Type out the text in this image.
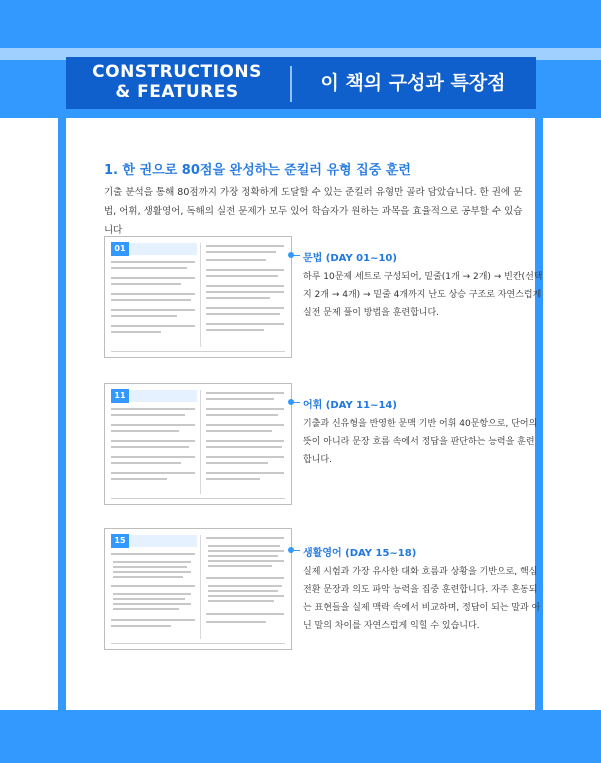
CONSTRUCTIONS
& FEATURES	이 책의 구성과 특장점
1. 한 권으로 80점을 완성하는 준킬러 유형 집중 훈련
기출 분석을 통해 80점까지 가장 정확하게 도달할 수 있는 준킬러 유형만 골라 담았습니다. 한 권에 문법, 어휘, 생활영어, 독해의 실전 문제가 모두 있어 학습자가 원하는 과목을 효율적으로 공부할 수 있습니다
01
문법 (DAY 01~10)
하루 10문제 세트로 구성되어, 밑줄(1개 → 2개) → 빈칸(선택지 2개 → 4개) → 밑줄 4개까지 난도 상승 구조로 자연스럽게 실전 문제 풀이 방법을 훈련합니다.
11
어휘 (DAY 11~14)
기출과 신유형을 반영한 문맥 기반 어휘 40문항으로, 단어의 뜻이 아니라 문장 흐름 속에서 정답을 판단하는 능력을 훈련 합니다.
15
생활영어 (DAY 15~18)
실제 시험과 가장 유사한 대화 흐름과 상황을 기반으로, 핵심 전환 문장과 의도 파악 능력을 집중 훈련합니다. 자주 혼동되는 표현들을 실제 맥락 속에서 비교하며, 정답이 되는 말과 아닌 말의 차이를 자연스럽게 익힐 수 있습니다.
